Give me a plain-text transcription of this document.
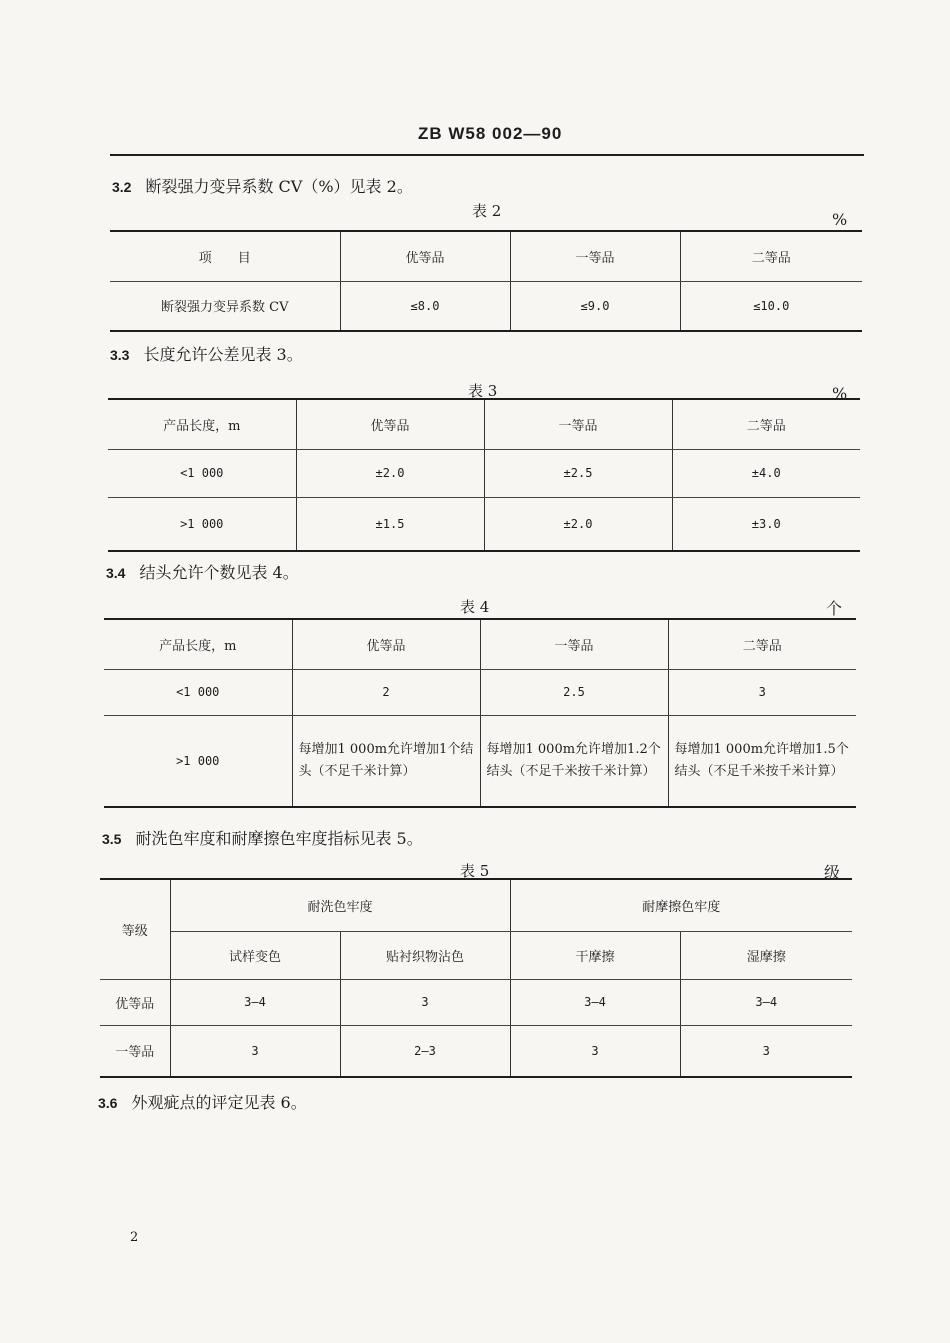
ZB W58 002—90
3.2 断裂强力变异系数 CV（%）见表 2。
表 2	%
项　　目	优等品	一等品	二等品
断裂强力变异系数 CV	≤8.0	≤9.0	≤10.0
3.3 长度允许公差见表 3。
表 3	%
产品长度，m	优等品	一等品	二等品
<1 000	±2.0	±2.5	±4.0
>1 000	±1.5	±2.0	±3.0
3.4 结头允许个数见表 4。
表 4	个
产品长度，m	优等品	一等品	二等品
<1 000	2	2.5	3
>1 000	每增加1 000m允许增加1个结头（不足千米计算）	每增加1 000m允许增加1.2个结头（不足千米按千米计算）	每增加1 000m允许增加1.5个结头（不足千米按千米计算）
3.5 耐洗色牢度和耐摩擦色牢度指标见表 5。
表 5	级
等级	耐洗色牢度		耐摩擦色牢度	
	试样变色	贴衬织物沾色	干摩擦	湿摩擦
优等品	3—4	3	3—4	3—4
一等品	3	2—3	3	3
3.6 外观疵点的评定见表 6。
2
